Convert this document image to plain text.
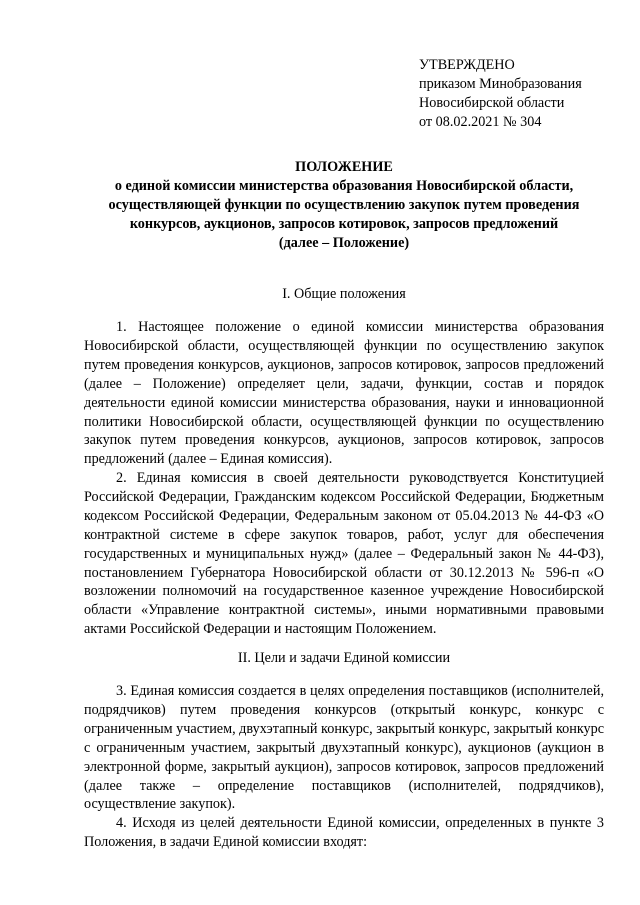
УТВЕРЖДЕНО
приказом Минобразования
Новосибирской области
от 08.02.2021 № 304
ПОЛОЖЕНИЕ
о единой комиссии министерства образования Новосибирской области,
осуществляющей функции по осуществлению закупок путем проведения
конкурсов, аукционов, запросов котировок, запросов предложений
(далее – Положение)
I. Общие положения

1. Настоящее положение о единой комиссии министерства образования Новосибирской области, осуществляющей функции по осуществлению закупок путем проведения конкурсов, аукционов, запросов котировок, запросов предложений (далее – Положение) определяет цели, задачи, функции, состав и порядок деятельности единой комиссии министерства образования, науки и инновационной политики Новосибирской области, осуществляющей функции по осуществлению закупок путем проведения конкурсов, аукционов, запросов котировок, запросов предложений (далее – Единая комиссия).

2. Единая комиссия в своей деятельности руководствуется Конституцией Российской Федерации, Гражданским кодексом Российской Федерации, Бюджетным кодексом Российской Федерации, Федеральным законом от 05.04.2013 № 44-ФЗ «О контрактной системе в сфере закупок товаров, работ, услуг для обеспечения государственных и муниципальных нужд» (далее – Федеральный закон № 44-ФЗ), постановлением Губернатора Новосибирской области от 30.12.2013 № 596-п «О возложении полномочий на государственное казенное учреждение Новосибирской области «Управление контрактной системы», иными нормативными правовыми актами Российской Федерации и настоящим Положением.

II. Цели и задачи Единой комиссии

3. Единая комиссия создается в целях определения поставщиков (исполнителей, подрядчиков) путем проведения конкурсов (открытый конкурс, конкурс с ограниченным участием, двухэтапный конкурс, закрытый конкурс, закрытый конкурс с ограниченным участием, закрытый двухэтапный конкурс), аукционов (аукцион в электронной форме, закрытый аукцион), запросов котировок, запросов предложений (далее также – определение поставщиков (исполнителей, подрядчиков), осуществление закупок).

4. Исходя из целей деятельности Единой комиссии, определенных в пункте 3 Положения, в задачи Единой комиссии входят:
